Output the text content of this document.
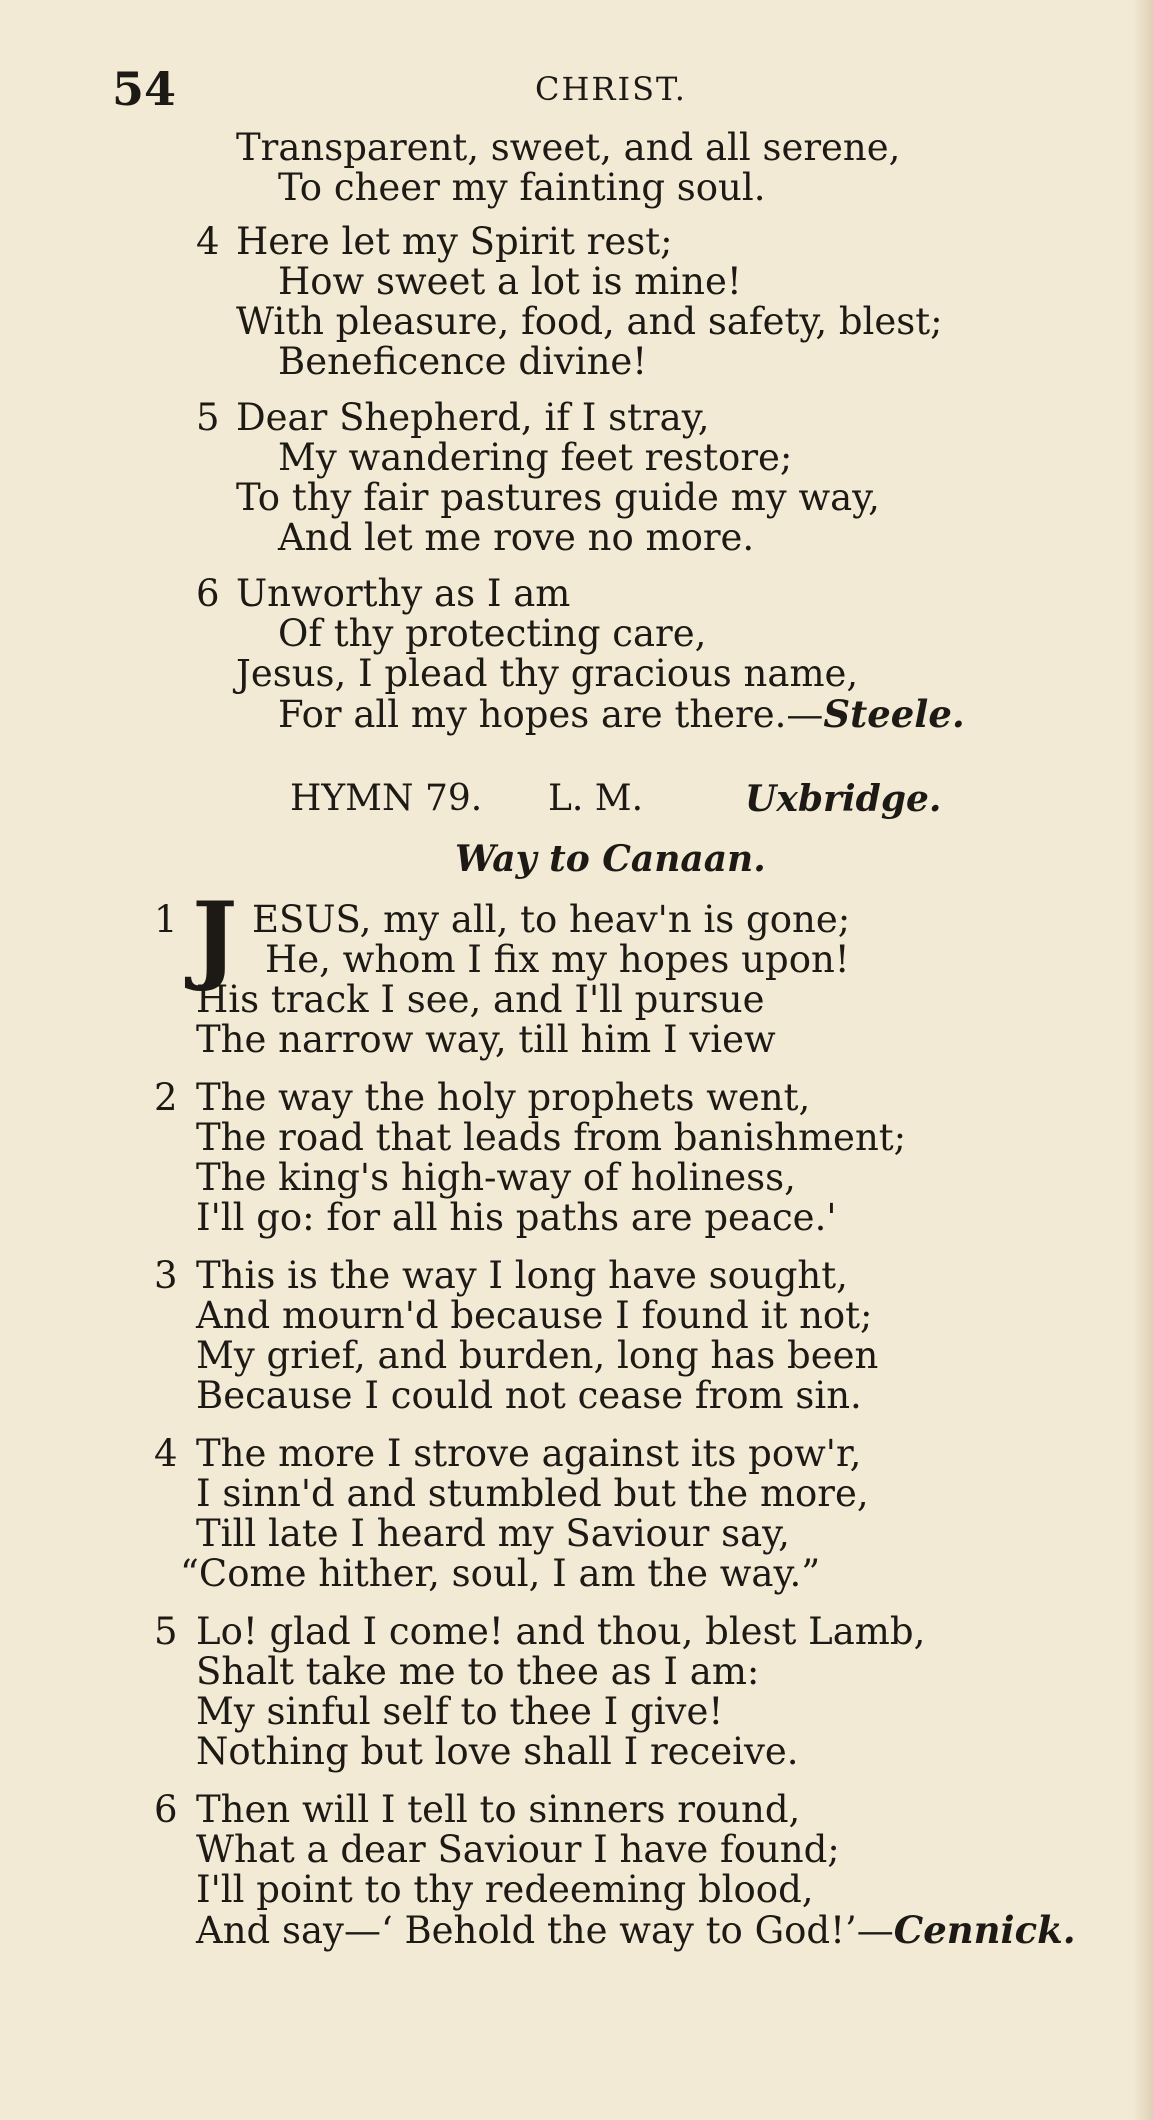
54	CHRIST.
Transparent, sweet, and all serene,
To cheer my fainting soul.
4 Here let my Spirit rest;
How sweet a lot is mine!
With pleasure, food, and safety, blest;
Beneficence divine!
5 Dear Shepherd, if I stray,
My wandering feet restore;
To thy fair pastures guide my way,
And let me rove no more.
6 Unworthy as I am
Of thy protecting care,
Jesus, I plead thy gracious name,
For all my hopes are there.—Steele.
HYMN 79. L. M.	Uxbridge.
Way to Canaan.
1 J ESUS, my all, to heav'n is gone;
He, whom I fix my hopes upon!
His track I see, and I'll pursue
The narrow way, till him I view
2 The way the holy prophets went,
The road that leads from banishment;
The king's high-way of holiness,
I'll go: for all his paths are peace.'
3 This is the way I long have sought,
And mourn'd because I found it not;
My grief, and burden, long has been
Because I could not cease from sin.
4 The more I strove against its pow'r,
I sinn'd and stumbled but the more,
Till late I heard my Saviour say,
“Come hither, soul, I am the way.”
5 Lo! glad I come! and thou, blest Lamb,
Shalt take me to thee as I am:
My sinful self to thee I give!
Nothing but love shall I receive.
6 Then will I tell to sinners round,
What a dear Saviour I have found;
I'll point to thy redeeming blood,
And say—‘ Behold the way to God!’—Cennick.
